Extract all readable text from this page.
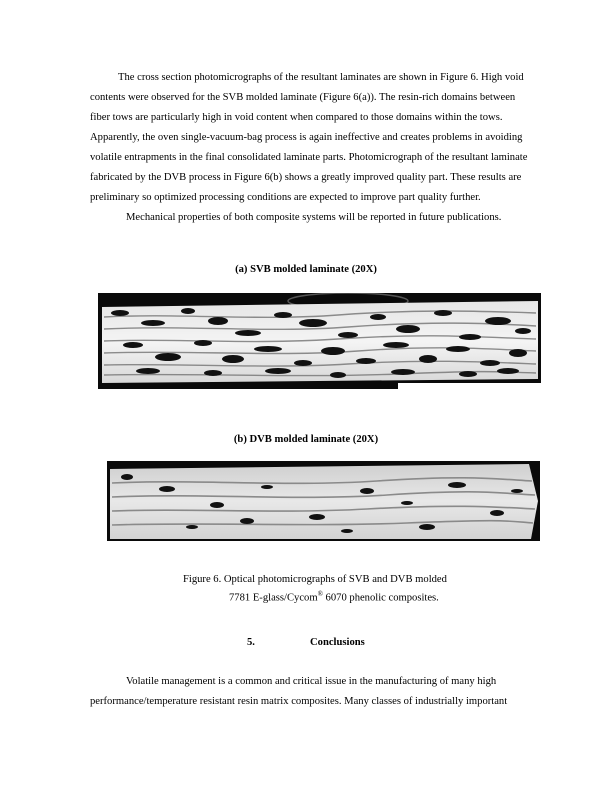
The cross section photomicrographs of the resultant laminates are shown in Figure 6. High void
contents were observed for the SVB molded laminate (Figure 6(a)). The resin-rich domains between
fiber tows are particularly high in void content when compared to those domains within the tows.
Apparently, the oven single-vacuum-bag process is again ineffective and creates problems in avoiding
volatile entrapments in the final consolidated laminate parts. Photomicrograph of the resultant laminate
fabricated by the DVB process in Figure 6(b) shows a greatly improved quality part. These results are
preliminary so optimized processing conditions are expected to improve part quality further.
Mechanical properties of both composite systems will be reported in future publications.
(a) SVB molded laminate (20X)
(b) DVB molded laminate (20X)
Figure 6. Optical photomicrographs of SVB and DVB molded
7781 E-glass/Cycom® 6070 phenolic composites.
5.	Conclusions
Volatile management is a common and critical issue in the manufacturing of many high
performance/temperature resistant resin matrix composites. Many classes of industrially important
